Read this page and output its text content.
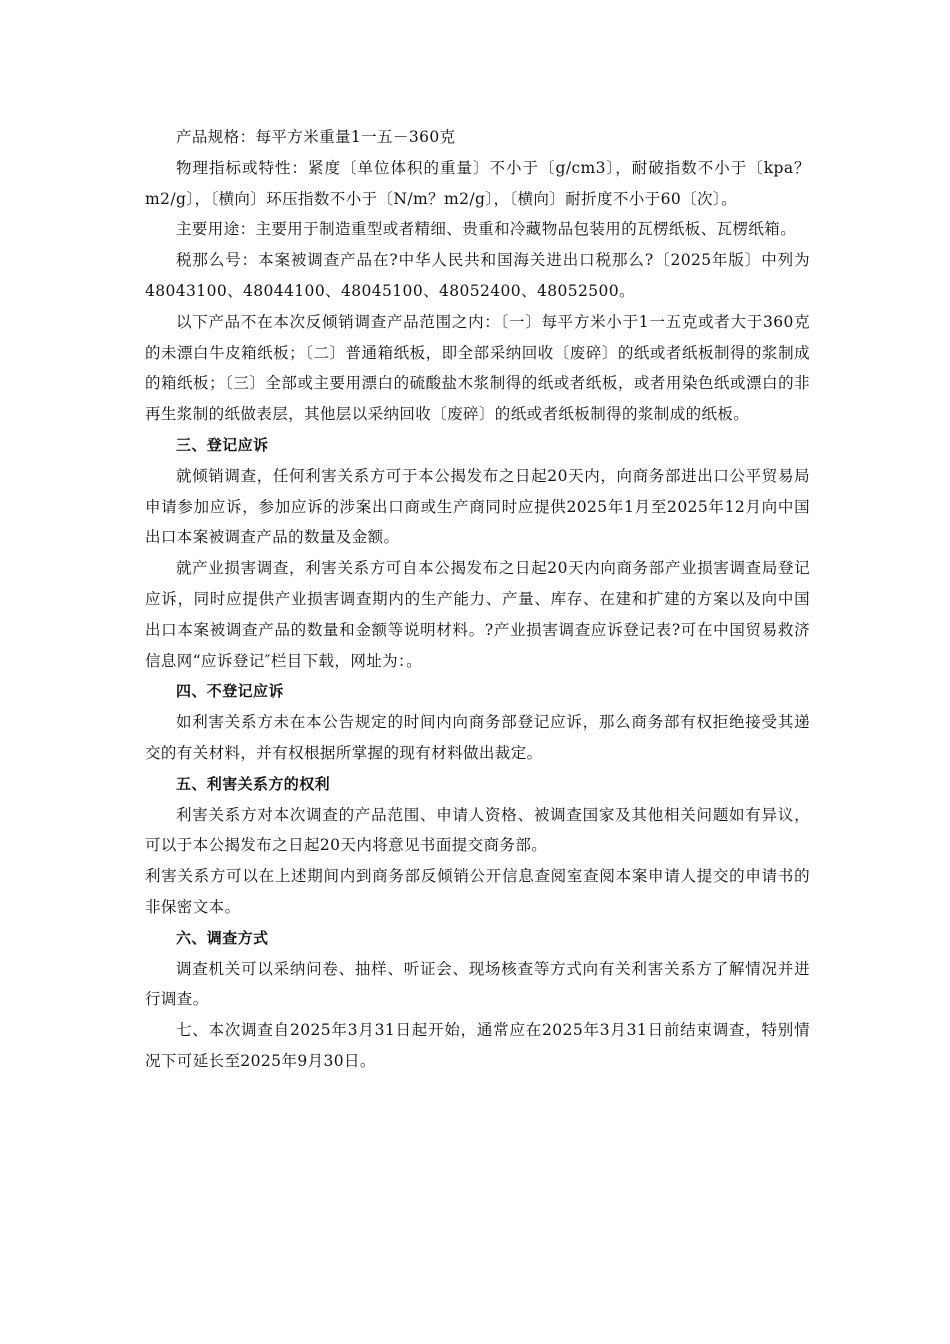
产品规格：每平方米重量1一五－360克

物理指标或特性：紧度〔单位体积的重量〕不小于〔g/cm3〕，耐破指数不小于〔kpa？m2/g〕，〔横向〕环压指数不小于〔N/m？m2/g〕，〔横向〕耐折度不小于60〔次〕。

主要用途：主要用于制造重型或者精细、贵重和冷藏物品包装用的瓦楞纸板、瓦楞纸箱。

税那么号：本案被调查产品在?中华人民共和国海关进出口税那么?〔2025年版〕中列为48043100、48044100、48045100、48052400、48052500。

以下产品不在本次反倾销调查产品范围之内：〔一〕每平方米小于1一五克或者大于360克的未漂白牛皮箱纸板；〔二〕普通箱纸板，即全部采纳回收〔废碎〕的纸或者纸板制得的浆制成的箱纸板；〔三〕全部或主要用漂白的硫酸盐木浆制得的纸或者纸板，或者用染色纸或漂白的非再生浆制的纸做表层，其他层以采纳回收〔废碎〕的纸或者纸板制得的浆制成的纸板。

三、登记应诉

就倾销调查，任何利害关系方可于本公揭发布之日起20天内，向商务部进出口公平贸易局申请参加应诉，参加应诉的涉案出口商或生产商同时应提供2025年1月至2025年12月向中国出口本案被调查产品的数量及金额。

就产业损害调查，利害关系方可自本公揭发布之日起20天内向商务部产业损害调查局登记应诉，同时应提供产业损害调查期内的生产能力、产量、库存、在建和扩建的方案以及向中国出口本案被调查产品的数量和金额等说明材料。?产业损害调查应诉登记表?可在中国贸易救济信息网“应诉登记″栏目下载，网址为：。

四、不登记应诉

如利害关系方未在本公告规定的时间内向商务部登记应诉，那么商务部有权拒绝接受其递交的有关材料，并有权根据所掌握的现有材料做出裁定。

五、利害关系方的权利

利害关系方对本次调查的产品范围、申请人资格、被调查国家及其他相关问题如有异议，可以于本公揭发布之日起20天内将意见书面提交商务部。

利害关系方可以在上述期间内到商务部反倾销公开信息查阅室查阅本案申请人提交的申请书的非保密文本。

六、调查方式

调查机关可以采纳问卷、抽样、听证会、现场核查等方式向有关利害关系方了解情况并进行调查。

七、本次调查自2025年3月31日起开始，通常应在2025年3月31日前结束调查，特别情况下可延长至2025年9月30日。
